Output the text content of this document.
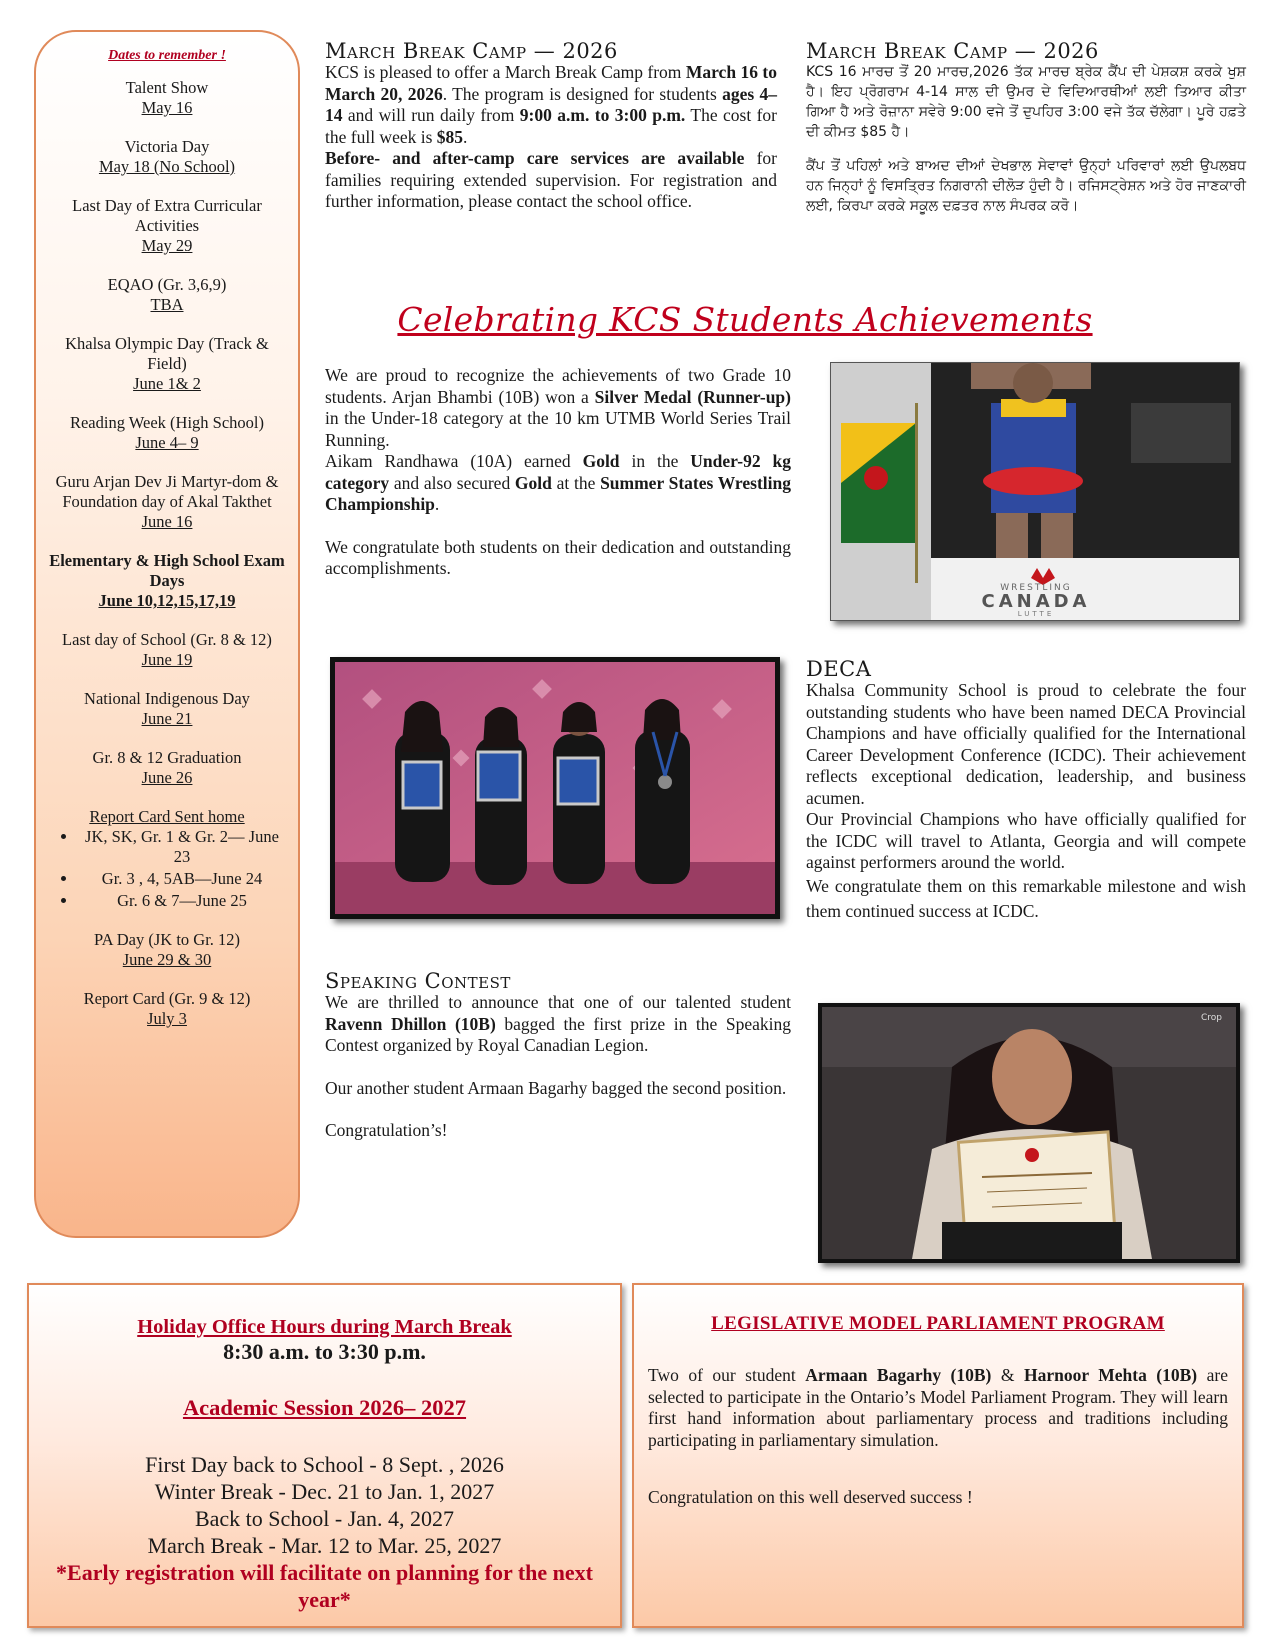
Dates to remember !
Talent Show
May 16
Victoria Day
May 18 (No School)
Last Day of Extra Curricular Activities
May 29
EQAO (Gr. 3,6,9)
TBA
Khalsa Olympic Day (Track & Field)
June 1& 2
Reading Week (High School)
June 4– 9
Guru Arjan Dev Ji Martyr-dom & Foundation day of Akal Takthet
June 16
Elementary & High School Exam Days
June 10,12,15,17,19
Last day of School (Gr. 8 & 12)
June 19
National Indigenous Day
June 21
Gr. 8 & 12 Graduation
June 26
Report Card Sent home
• JK, SK, Gr. 1 & Gr. 2— June 23
• Gr. 3 , 4, 5AB—June 24
• Gr. 6 & 7—June 25
PA Day (JK to Gr. 12)
June 29 & 30
Report Card (Gr. 9 & 12)
July 3
March Break Camp — 2026
KCS is pleased to offer a March Break Camp from March 16 to March 20, 2026. The program is designed for students ages 4–14 and will run daily from 9:00 a.m. to 3:00 p.m. The cost for the full week is $85.
Before- and after-camp care services are available for families requiring extended supervision. For registration and further information, please contact the school office.
March Break Camp — 2026
KCS 16 ਮਾਰਚ ਤੋਂ 20 ਮਾਰਚ,2026 ਤੱਕ ਮਾਰਚ ਬ੍ਰੇਕ ਕੈਂਪ ਦੀ ਪੇਸ਼ਕਸ਼ ਕਰਕੇ ਖੁਸ਼ ਹੈ। ਇਹ ਪ੍ਰੋਗਰਾਮ 4-14 ਸਾਲ ਦੀ ਉਮਰ ਦੇ ਵਿਦਿਆਰਥੀਆਂ ਲਈ ਤਿਆਰ ਕੀਤਾ ਗਿਆ ਹੈ ਅਤੇ ਰੋਜ਼ਾਨਾ ਸਵੇਰੇ 9:00 ਵਜੇ ਤੋਂ ਦੁਪਹਿਰ 3:00 ਵਜੇ ਤੱਕ ਚੱਲੇਗਾ। ਪੂਰੇ ਹਫ਼ਤੇ ਦੀ ਕੀਮਤ $85 ਹੈ।
ਕੈਂਪ ਤੋਂ ਪਹਿਲਾਂ ਅਤੇ ਬਾਅਦ ਦੀਆਂ ਦੇਖਭਾਲ ਸੇਵਾਵਾਂ ਉਨ੍ਹਾਂ ਪਰਿਵਾਰਾਂ ਲਈ ਉਪਲਬਧ ਹਨ ਜਿਨ੍ਹਾਂ ਨੂੰ ਵਿਸਤ੍ਰਿਤ ਨਿਗਰਾਨੀ ਦੀਲੋੜ ਹੁੰਦੀ ਹੈ। ਰਜਿਸਟ੍ਰੇਸ਼ਨ ਅਤੇ ਹੋਰ ਜਾਣਕਾਰੀ ਲਈ, ਕਿਰਪਾ ਕਰਕੇ ਸਕੂਲ ਦਫ਼ਤਰ ਨਾਲ ਸੰਪਰਕ ਕਰੋ।
Celebrating KCS Students Achievements
We are proud to recognize the achievements of two Grade 10 students. Arjan Bhambi (10B) won a Silver Medal (Runner-up) in the Under-18 category at the 10 km UTMB World Series Trail Running.
Aikam Randhawa (10A) earned Gold in the Under-92 kg category and also secured Gold at the Summer States Wrestling Championship.
We congratulate both students on their dedication and outstanding accomplishments.
WRESTLING
CANADA
LUTTE
DECA
Khalsa Community School is proud to celebrate the four outstanding students who have been named DECA Provincial Champions and have officially qualified for the International Career Development Conference (ICDC). Their achievement reflects exceptional dedication, leadership, and business acumen.
Our Provincial Champions who have officially qualified for the ICDC will travel to Atlanta, Georgia and will compete against performers around the world.
We congratulate them on this remarkable milestone and wish them continued success at ICDC.
Speaking Contest
We are thrilled to announce that one of our talented student Ravenn Dhillon (10B) bagged the first prize in the Speaking Contest organized by Royal Canadian Legion.
Our another student Armaan Bagarhy bagged the second position.
Congratulation’s!
Crop
Holiday Office Hours during March Break
8:30 a.m. to 3:30 p.m.
Academic Session 2026– 2027
First Day back to School - 8 Sept. , 2026
Winter Break - Dec. 21 to Jan. 1, 2027
Back to School - Jan. 4, 2027
March Break - Mar. 12 to Mar. 25, 2027
*Early registration will facilitate on planning for the next year*
LEGISLATIVE MODEL PARLIAMENT PROGRAM
Two of our student Armaan Bagarhy (10B) & Harnoor Mehta (10B) are selected to participate in the Ontario’s Model Parliament Program. They will learn first hand information about parliamentary process and traditions including participating in parliamentary simulation.
Congratulation on this well deserved success !
